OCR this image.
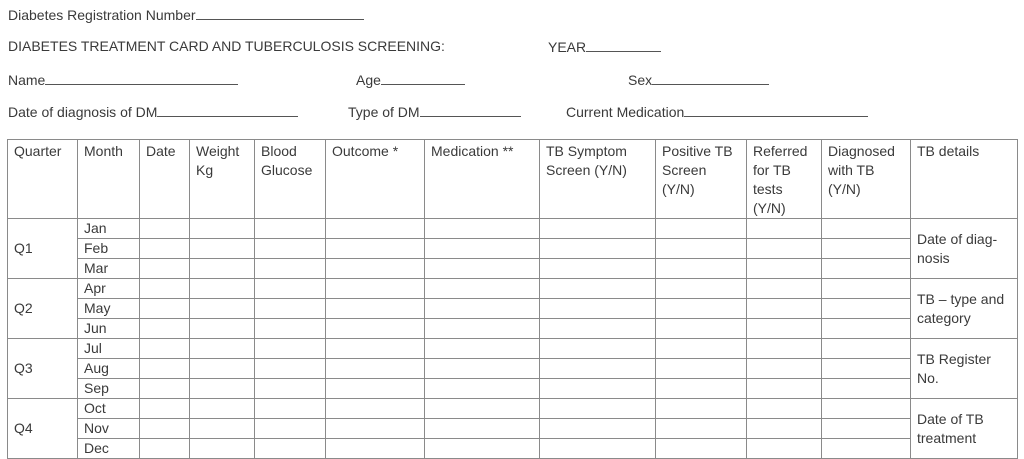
Diabetes Registration Number
DIABETES TREATMENT CARD AND TUBERCULOSIS SCREENING:	YEAR
Name	Age	Sex
Date of diagnosis of DM	Type of DM	Current Medication
Quarter	Month	Date	Weight Kg	Blood Glucose	Outcome *	Medication **	TB Symptom Screen (Y/N)	Positive TB Screen (Y/N)	Referred for TB tests (Y/N)	Diagnosed with TB (Y/N)	TB details
Q1	Jan										Date of diag-nosis
	Feb										
	Mar										
Q2	Apr										TB – type and category
	May										
	Jun										
Q3	Jul										TB Register No.
	Aug										
	Sep										
Q4	Oct										Date of TB treatment
	Nov										
	Dec										
